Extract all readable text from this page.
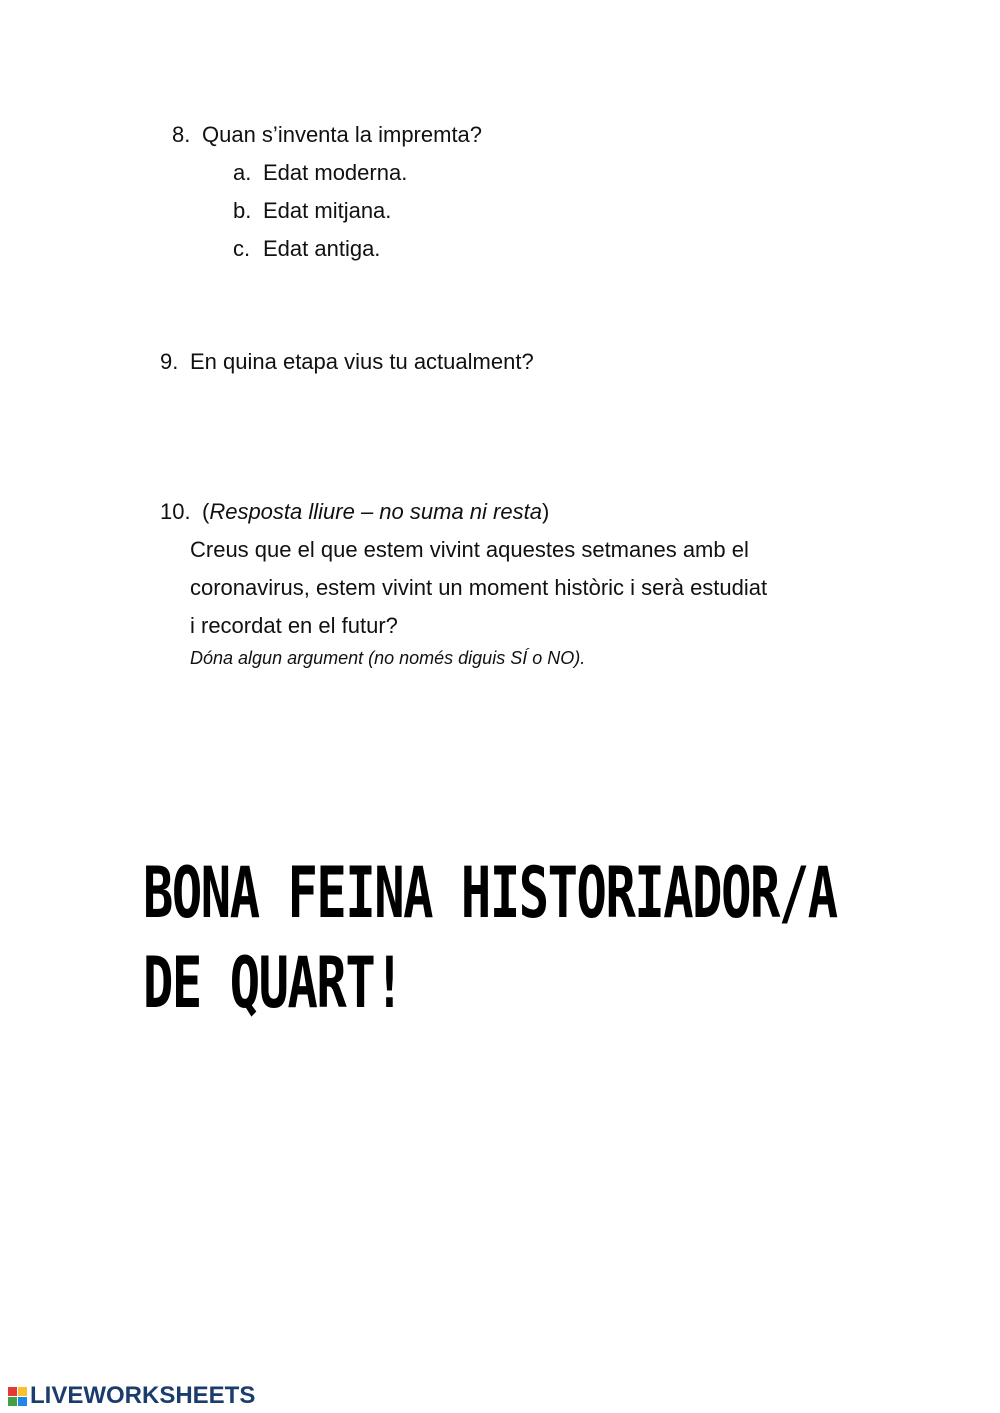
8. Quan s’inventa la impremta?
a. Edat moderna.
b. Edat mitjana.
c. Edat antiga.
9. En quina etapa vius tu actualment?
10. (Resposta lliure – no suma ni resta)
Creus que el que estem vivint aquestes setmanes amb el
coronavirus, estem vivint un moment històric i serà estudiat
i recordat en el futur?
Dóna algun argument (no només diguis SÍ o NO).
BONA FEINA HISTORIADOR/A
DE QUART!
LIVEWORKSHEETS
